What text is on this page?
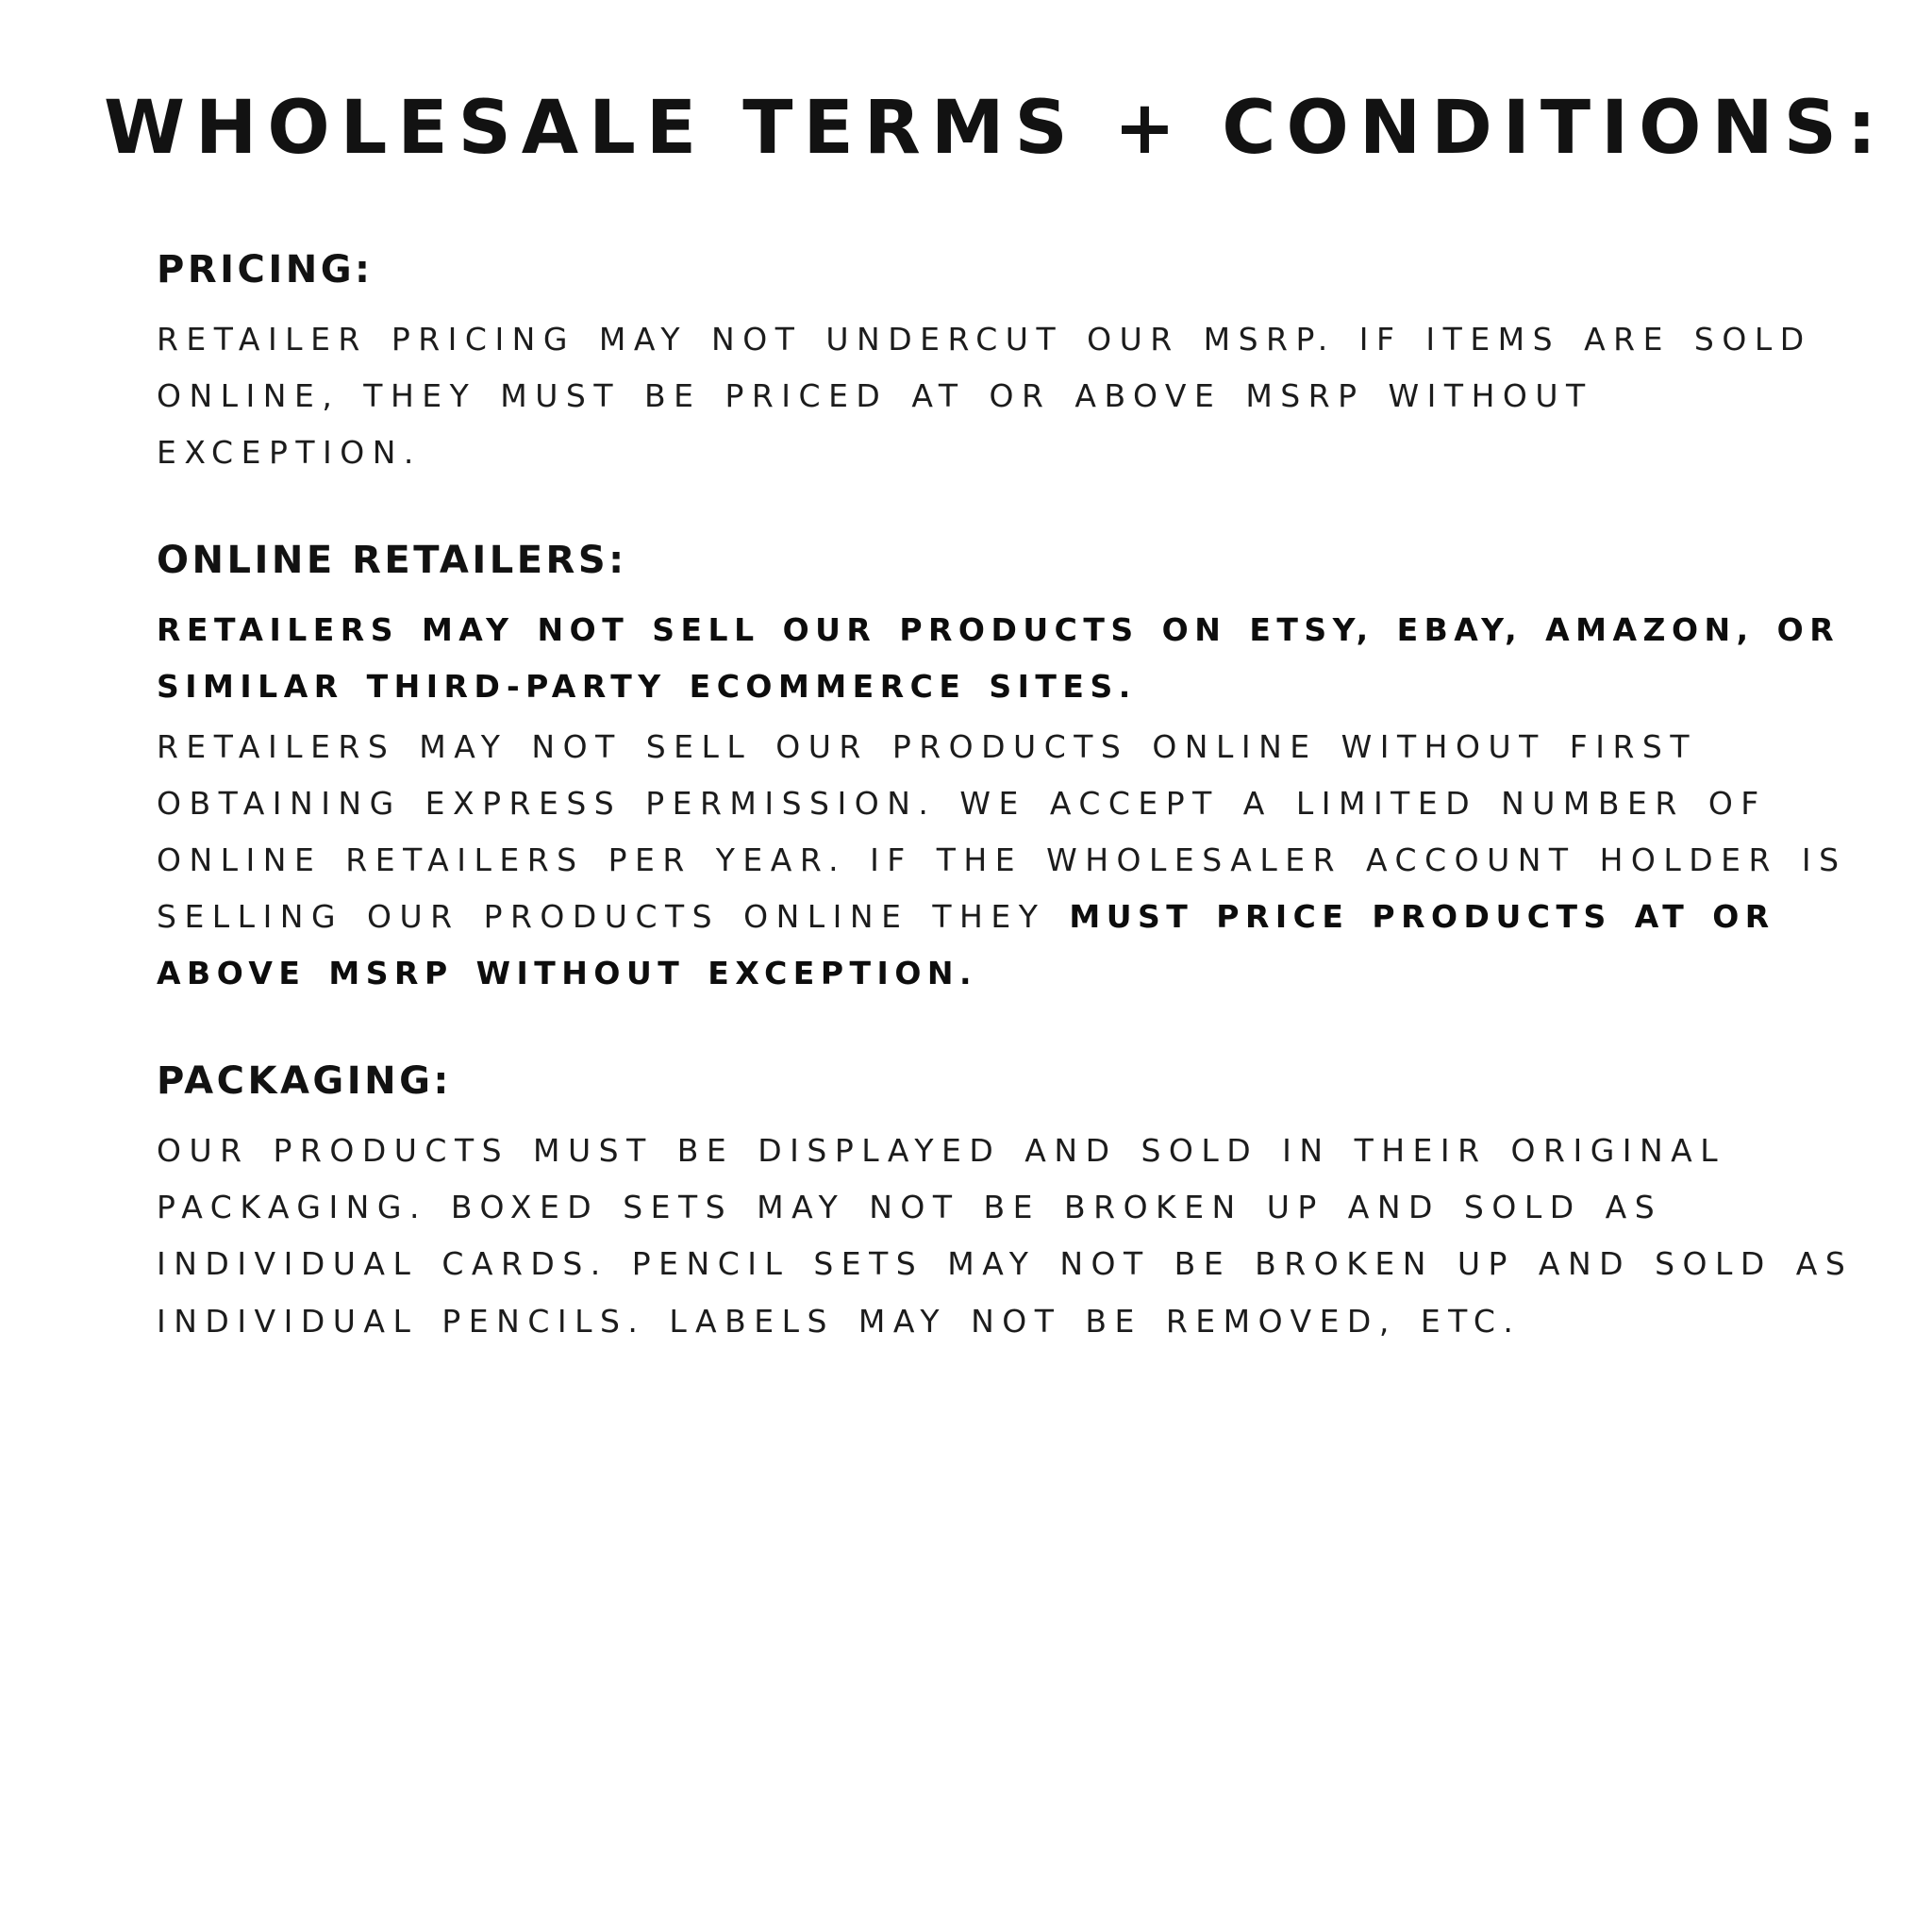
WHOLESALE TERMS + CONDITIONS:
PRICING:

RETAILER PRICING MAY NOT UNDERCUT OUR MSRP. IF ITEMS ARE SOLD ONLINE, THEY MUST BE PRICED AT OR ABOVE MSRP WITHOUT EXCEPTION.

ONLINE RETAILERS:

RETAILERS MAY NOT SELL OUR PRODUCTS ON ETSY, EBAY, AMAZON, OR SIMILAR THIRD-PARTY ECOMMERCE SITES.

RETAILERS MAY NOT SELL OUR PRODUCTS ONLINE WITHOUT FIRST OBTAINING EXPRESS PERMISSION. WE ACCEPT A LIMITED NUMBER OF ONLINE RETAILERS PER YEAR. IF THE WHOLESALER ACCOUNT HOLDER IS SELLING OUR PRODUCTS ONLINE THEY MUST PRICE PRODUCTS AT OR ABOVE MSRP WITHOUT EXCEPTION.

PACKAGING:

OUR PRODUCTS MUST BE DISPLAYED AND SOLD IN THEIR ORIGINAL PACKAGING. BOXED SETS MAY NOT BE BROKEN UP AND SOLD AS INDIVIDUAL CARDS. PENCIL SETS MAY NOT BE BROKEN UP AND SOLD AS INDIVIDUAL PENCILS. LABELS MAY NOT BE REMOVED, ETC.
